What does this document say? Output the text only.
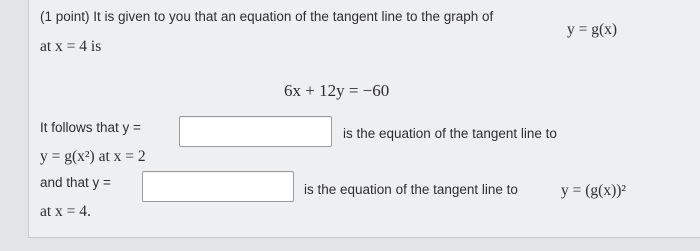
(1 point) It is given to you that an equation of the tangent line to the graph of
y = g(x)
at x = 4 is
6x + 12y = −60
It follows that y =	is the equation of the tangent line to
y = g(x²) at x = 2
and that y =	is the equation of the tangent line to	y = (g(x))²
at x = 4.
